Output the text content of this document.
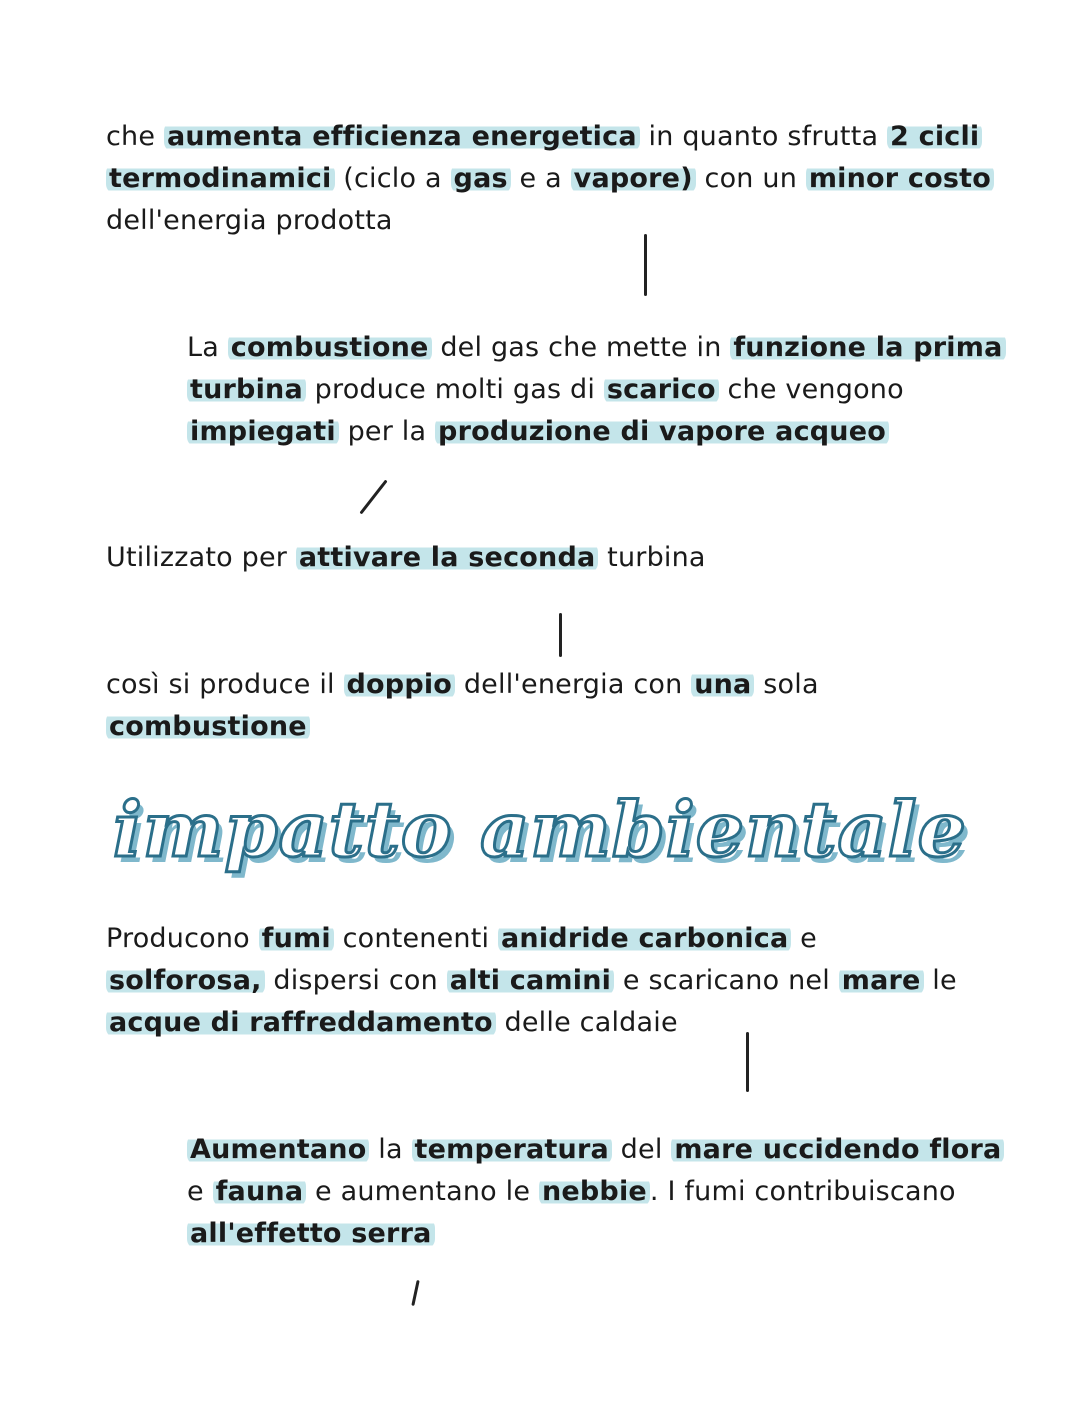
che aumenta efficienza energetica in quanto sfrutta 2 cicli
termodinamici (ciclo a gas e a vapore) con un minor costo
dell'energia prodotta
La combustione del gas che mette in funzione la prima
turbina produce molti gas di scarico che vengono
impiegati per la produzione di vapore acqueo
Utilizzato per attivare la seconda turbina
così si produce il doppio dell'energia con una sola
combustione
impatto ambientale
Producono fumi contenenti anidride carbonica e
solforosa, dispersi con alti camini e scaricano nel mare le
acque di raffreddamento delle caldaie
Aumentano la temperatura del mare uccidendo flora
e fauna e aumentano le nebbie . I fumi contribuiscano
all'effetto serra
